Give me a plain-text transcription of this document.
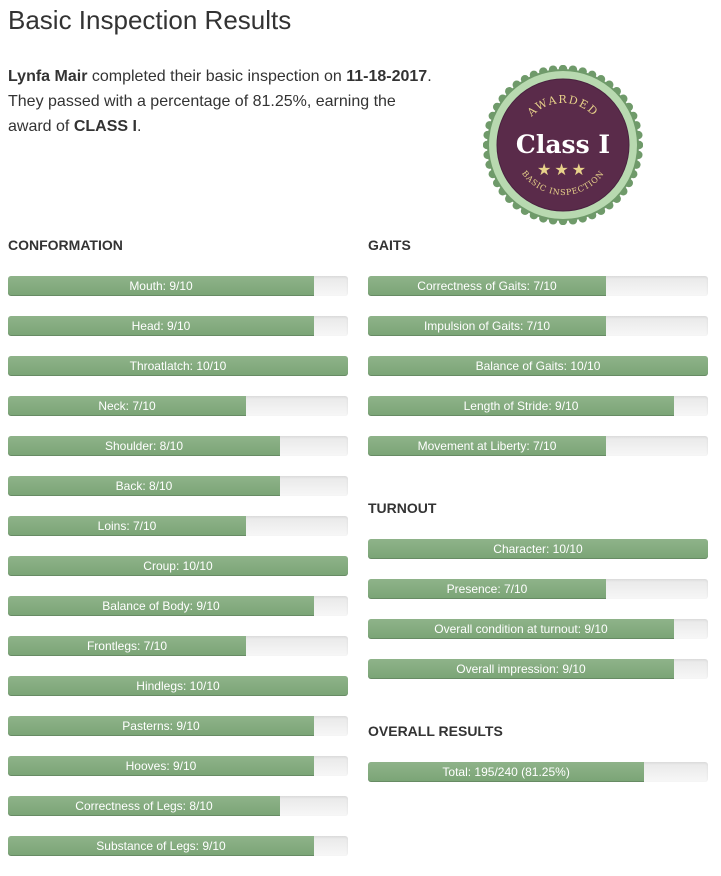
Basic Inspection Results
Lynfa Mair completed their basic inspection on 11-18-2017.
They passed with a percentage of 81.25%, earning the
award of CLASS I.
AWARDED
Class I
★★★
BASIC INSPECTION
CONFORMATION
Mouth: 9/10
Head: 9/10
Throatlatch: 10/10
Neck: 7/10
Shoulder: 8/10
Back: 8/10
Loins: 7/10
Croup: 10/10
Balance of Body: 9/10
Frontlegs: 7/10
Hindlegs: 10/10
Pasterns: 9/10
Hooves: 9/10
Correctness of Legs: 8/10
Substance of Legs: 9/10
GAITS
Correctness of Gaits: 7/10
Impulsion of Gaits: 7/10
Balance of Gaits: 10/10
Length of Stride: 9/10
Movement at Liberty: 7/10
TURNOUT
Character: 10/10
Presence: 7/10
Overall condition at turnout: 9/10
Overall impression: 9/10
OVERALL RESULTS
Total: 195/240 (81.25%)
